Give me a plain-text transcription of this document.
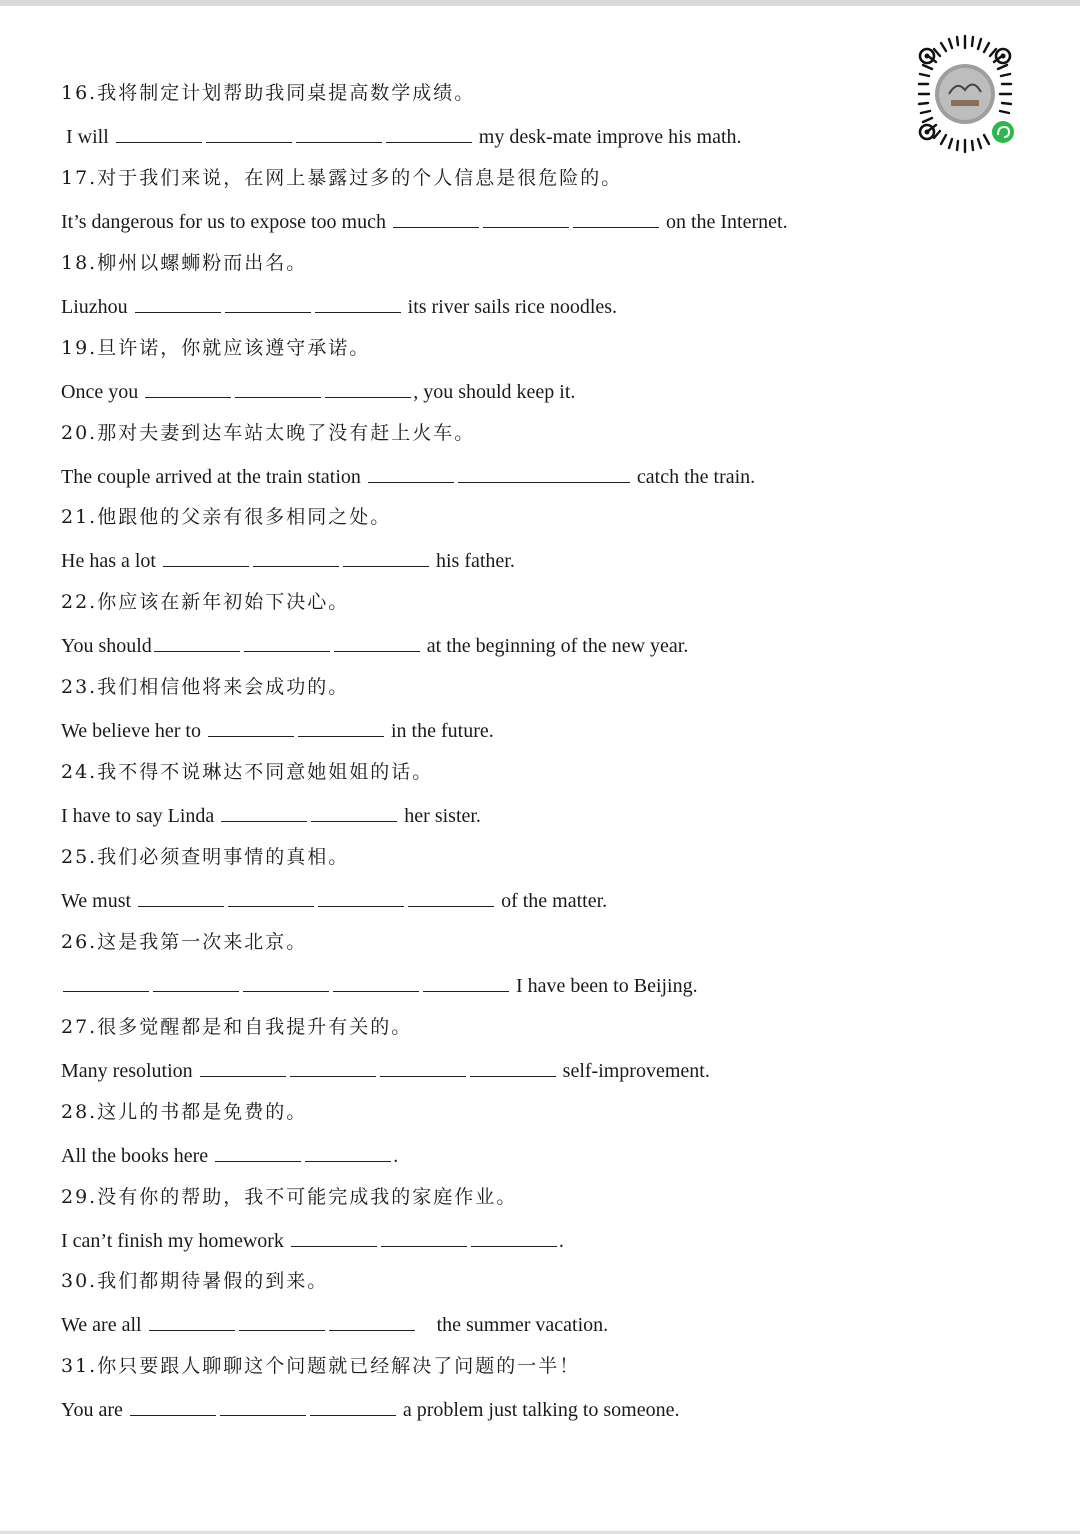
16.我将制定计划帮助我同桌提高数学成绩。
I will	my desk-mate improve his math.
17.对于我们来说，在网上暴露过多的个人信息是很危险的。
It’s dangerous for us to expose too much	on the Internet.
18.柳州以螺蛳粉而出名。
Liuzhou	its river sails rice noodles.
19.旦许诺，你就应该遵守承诺。
Once you	, you should keep it.
20.那对夫妻到达车站太晚了没有赶上火车。
The couple arrived at the train station	catch the train.
21.他跟他的父亲有很多相同之处。
He has a lot	his father.
22.你应该在新年初始下决心。
You should	at the beginning of the new year.
23.我们相信他将来会成功的。
We believe her to	in the future.
24.我不得不说琳达不同意她姐姐的话。
I have to say Linda	her sister.
25.我们必须查明事情的真相。
We must	of the matter.
26.这是我第一次来北京。
I have been to Beijing.
27.很多觉醒都是和自我提升有关的。
Many resolution	self-improvement.
28.这儿的书都是免费的。
All the books here	.
29.没有你的帮助，我不可能完成我的家庭作业。
I can’t finish my homework	.
30.我们都期待暑假的到来。
We are all	the summer vacation.
31.你只要跟人聊聊这个问题就已经解决了问题的一半！
You are	a problem just talking to someone.
